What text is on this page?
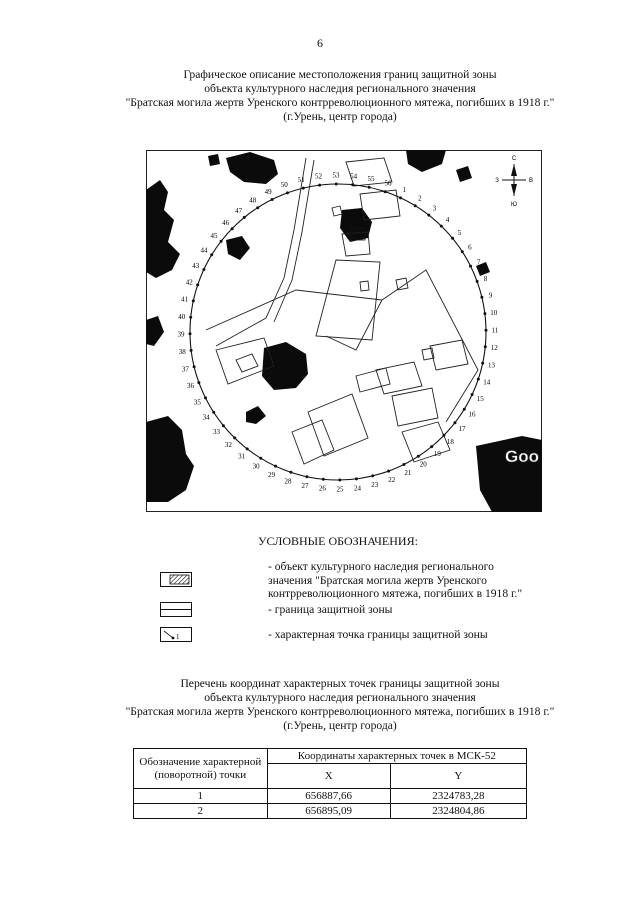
6
Графическое описание местоположения границ защитной зоны
объекта культурного наследия регионального значения
"Братская могила жертв Уренского контрреволюционного мятежа, погибших в 1918 г."
(г.Урень, центр города)
1
2
3
4
5
6
7
8
9
10
11
12
13
14
15
16
17
18
19
20
21
22
23
24
25
26
27
28
29
30
31
32
33
34
35
36
37
38
39
40
41
42
43
44
45
46
47
48
49
50
51 52 53 54 55
56
С
Ю
З	В
Goo
УСЛОВНЫЕ ОБОЗНАЧЕНИЯ:
- объект культурного наследия регионального
значения "Братская могила жертв Уренского
контрреволюционного мятежа, погибших в 1918 г."
- граница защитной зоны
1	- характерная точка границы защитной зоны
Перечень координат характерных точек границы защитной зоны
объекта культурного наследия регионального значения
"Братская могила жертв Уренского контрреволюционного мятежа, погибших в 1918 г."
(г.Урень, центр города)
Обозначение характерной (поворотной) точки	Координаты характерных точек в МСК-52	
	X	Y
1	656887,66	2324783,28
2	656895,09	2324804,86
